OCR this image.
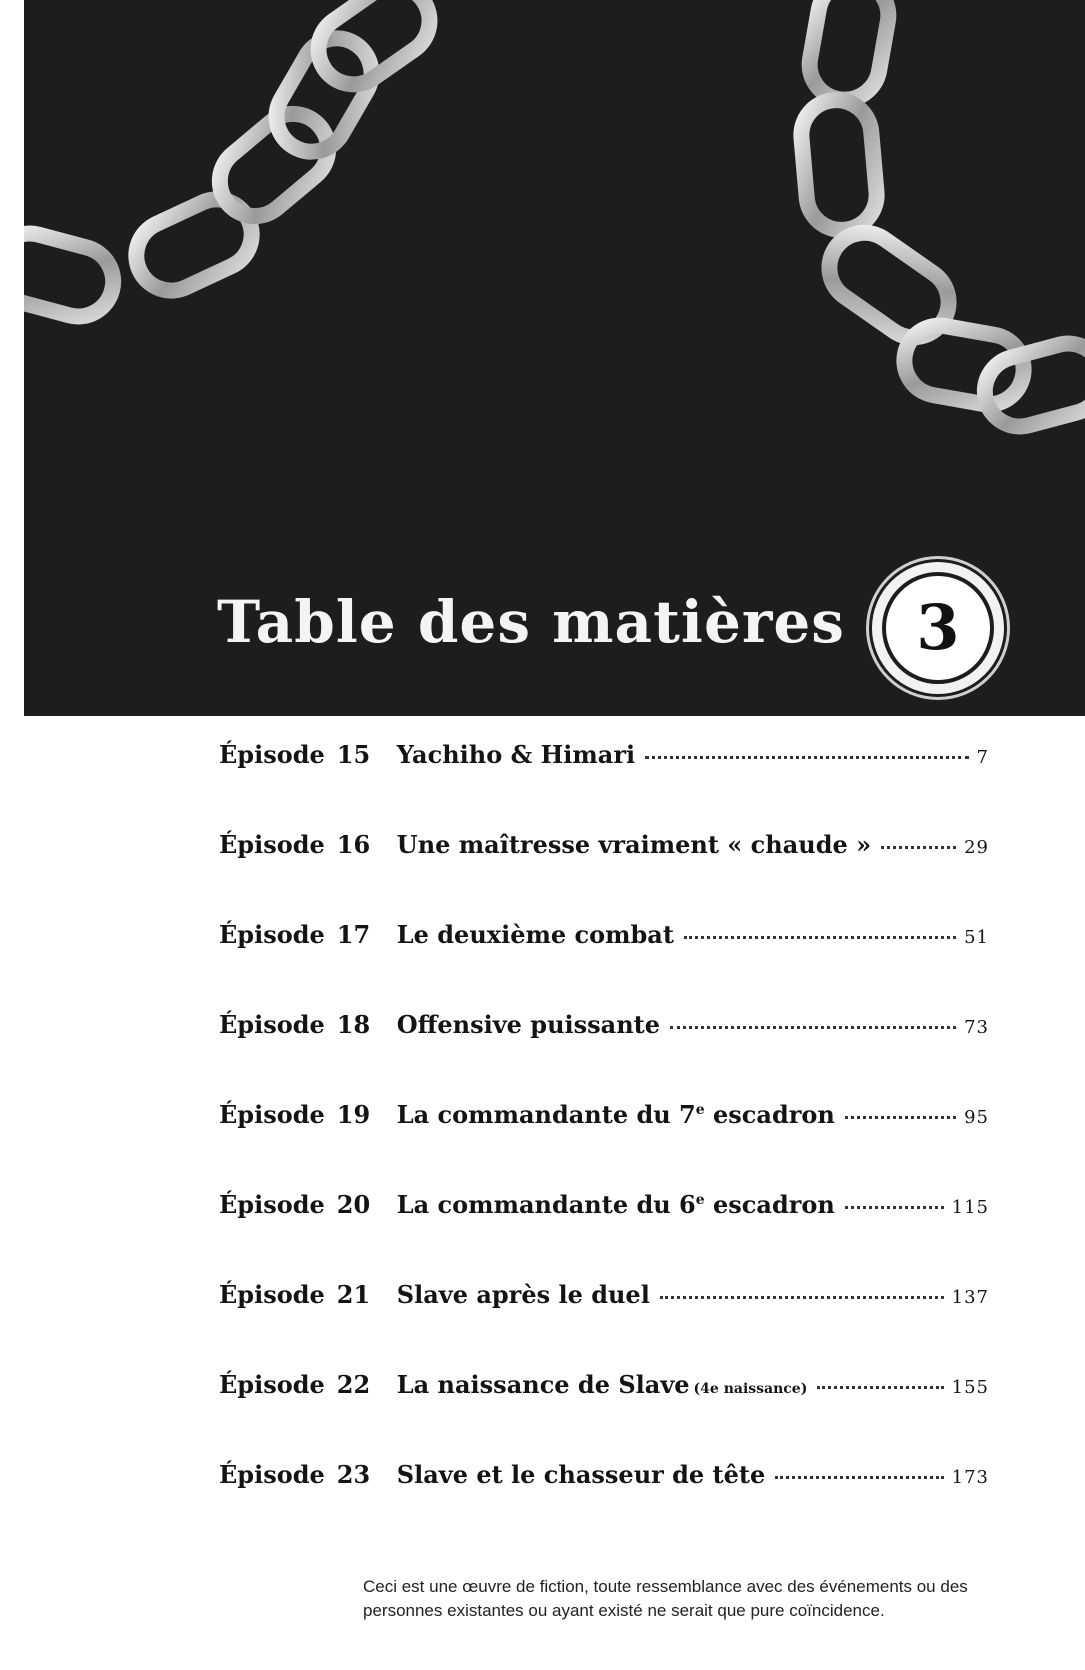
Table des matières 3
Épisode 15	Yachiho & Himari	7
Épisode 16	Une maîtresse vraiment « chaude »	29
Épisode 17	Le deuxième combat	51
Épisode 18	Offensive puissante	73
Épisode 19	La commandante du 7e escadron	95
Épisode 20	La commandante du 6e escadron	115
Épisode 21	Slave après le duel	137
Épisode 22	La naissance de Slave (4e naissance)	155
Épisode 23	Slave et le chasseur de tête	173
Ceci est une œuvre de fiction, toute ressemblance avec des événements ou des personnes existantes ou ayant existé ne serait que pure coïncidence.
